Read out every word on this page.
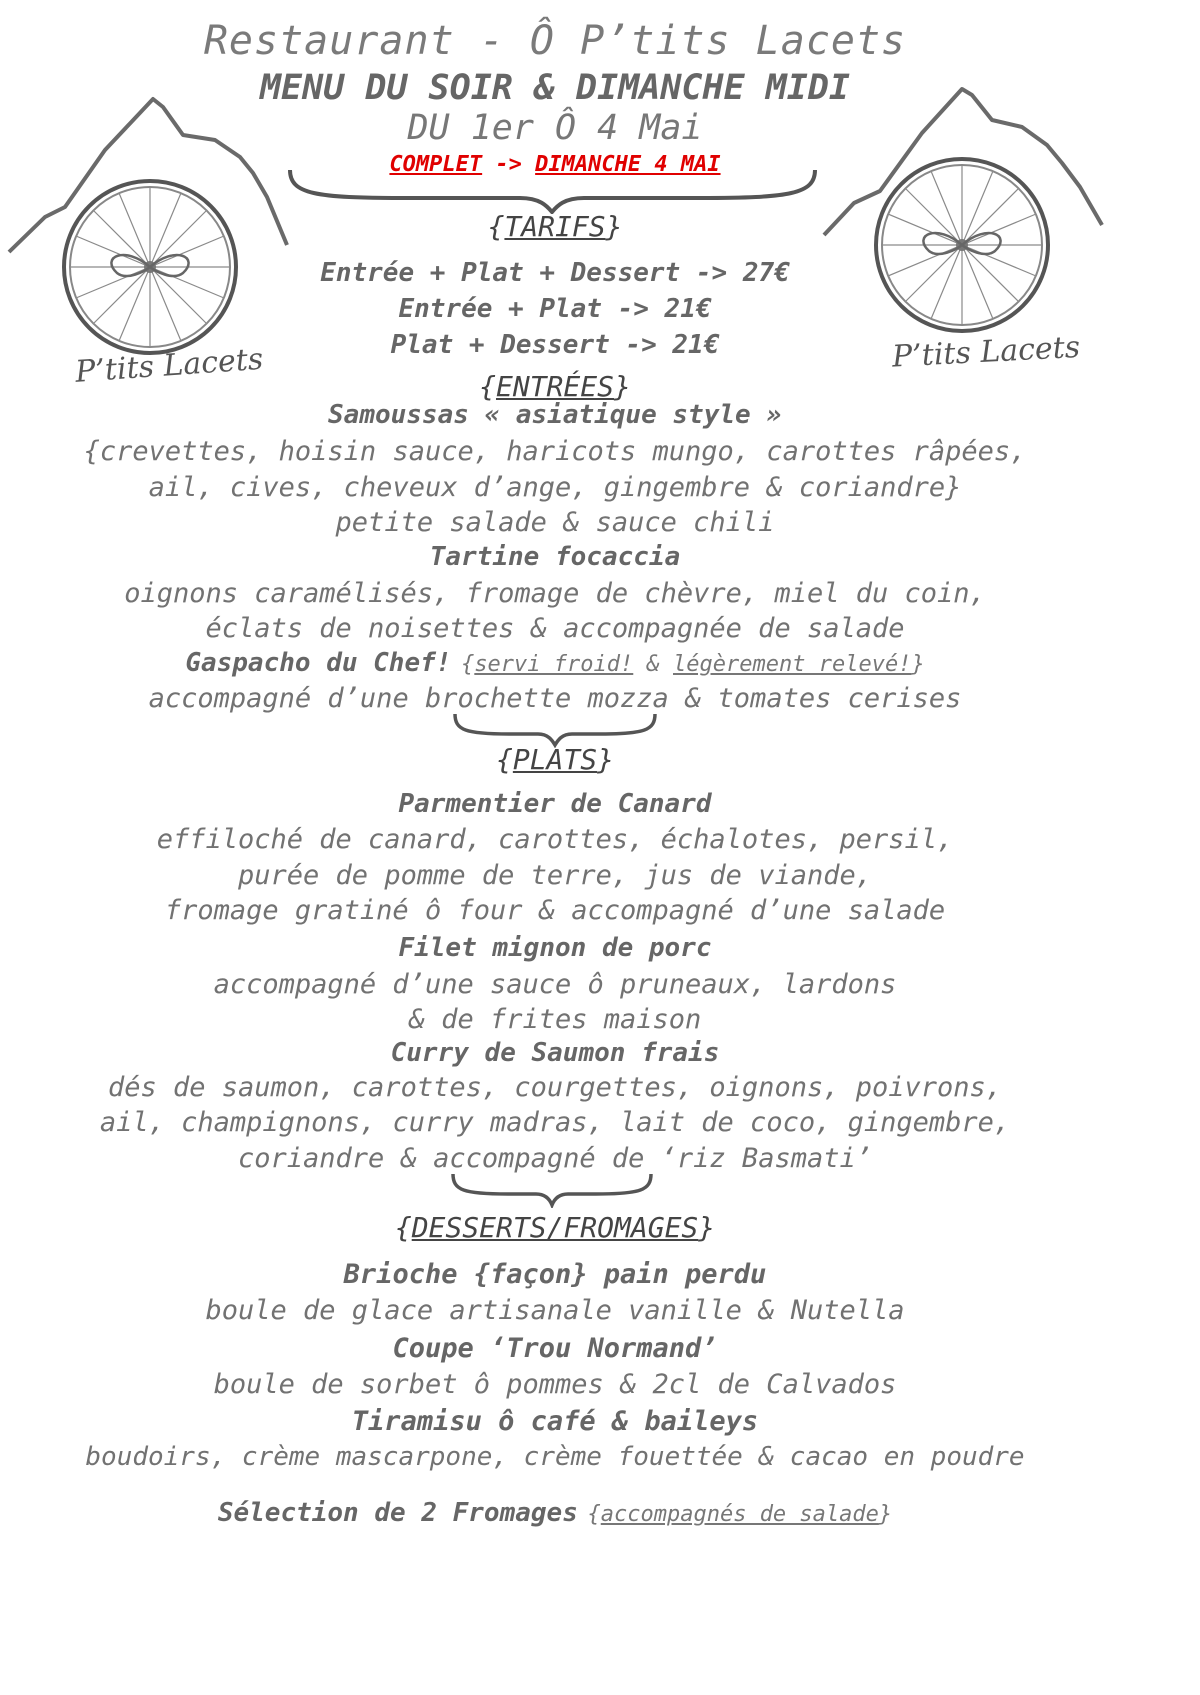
P’tits Lacets	P’tits Lacets
Restaurant - Ô P’tits Lacets
MENU DU SOIR & DIMANCHE MIDI
DU 1er Ô 4 Mai
COMPLET -> DIMANCHE 4 MAI
{TARIFS}
Entrée + Plat + Dessert -> 27€
Entrée + Plat -> 21€
Plat + Dessert -> 21€
{ENTRÉES}
Samoussas « asiatique style »
{crevettes, hoisin sauce, haricots mungo, carottes râpées,
ail, cives, cheveux d’ange, gingembre & coriandre}
petite salade & sauce chili
Tartine focaccia
oignons caramélisés, fromage de chèvre, miel du coin,
éclats de noisettes & accompagnée de salade
Gaspacho du Chef! {servi froid! & légèrement relevé!}
accompagné d’une brochette mozza & tomates cerises
{PLATS}
Parmentier de Canard
effiloché de canard, carottes, échalotes, persil,
purée de pomme de terre, jus de viande,
fromage gratiné ô four & accompagné d’une salade
Filet mignon de porc
accompagné d’une sauce ô pruneaux, lardons
& de frites maison
Curry de Saumon frais
dés de saumon, carottes, courgettes, oignons, poivrons,
ail, champignons, curry madras, lait de coco, gingembre,
coriandre & accompagné de ‘riz Basmati’
{DESSERTS/FROMAGES}
Brioche {façon} pain perdu
boule de glace artisanale vanille & Nutella
Coupe ‘Trou Normand’
boule de sorbet ô pommes & 2cl de Calvados
Tiramisu ô café & baileys
boudoirs, crème mascarpone, crème fouettée & cacao en poudre
Sélection de 2 Fromages {accompagnés de salade}
